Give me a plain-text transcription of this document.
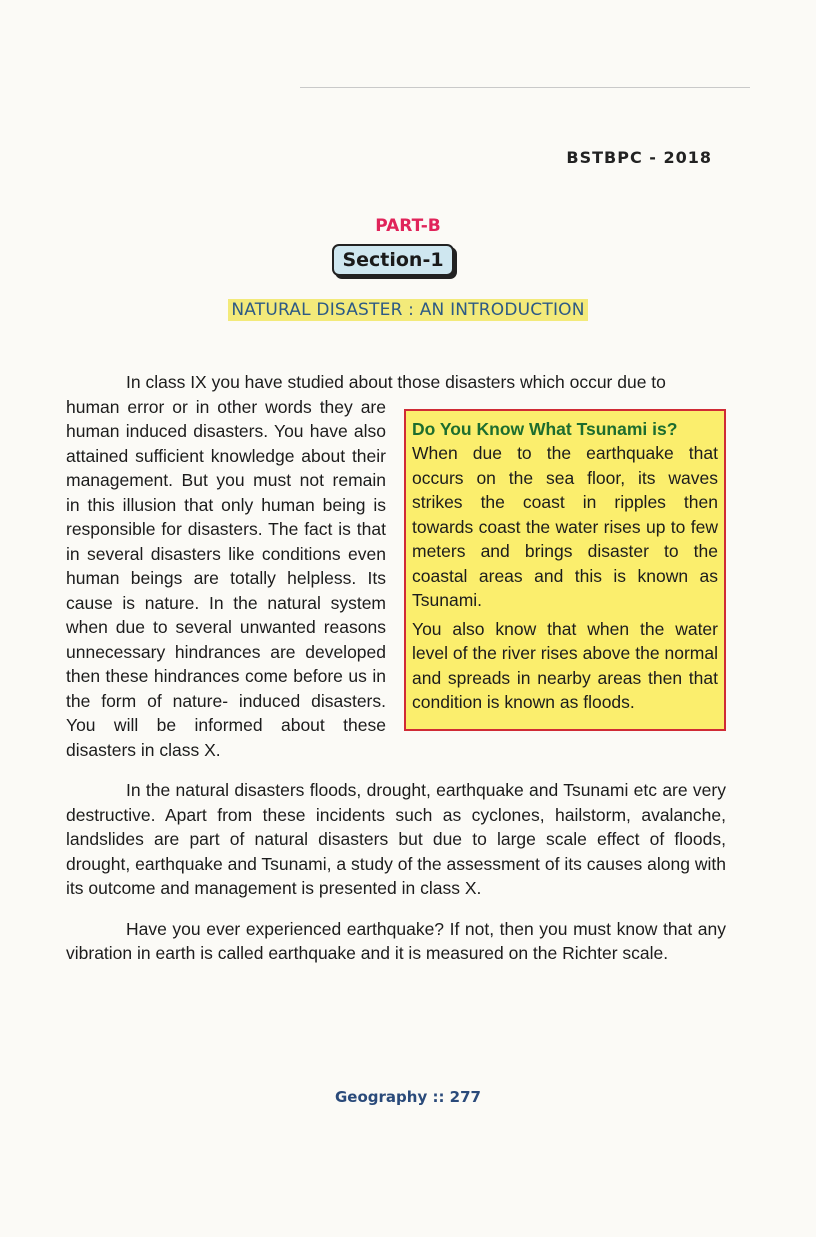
BSTBPC - 2018
PART-B
Section-1
NATURAL DISASTER : AN INTRODUCTION

In class IX you have studied about those disasters which occur due to

Do You Know What Tsunami is?

When due to the earthquake that occurs on the sea floor, its waves strikes the coast in ripples then towards coast the water rises up to few meters and brings disaster to the coastal areas and this is known as Tsunami.

You also know that when the water level of the river rises above the normal and spreads in nearby areas then that condition is known as floods.

human error or in other words they are human induced disasters. You have also attained sufficient knowledge about their management. But you must not remain in this illusion that only human being is responsible for disasters. The fact is that in several disasters like conditions even human beings are totally helpless. Its cause is nature. In the natural system when due to several unwanted reasons unnecessary hindrances are developed then these hindrances come before us in the form of nature- induced disasters. You will be informed about these disasters in class X.

In the natural disasters floods, drought, earthquake and Tsunami etc are very destructive. Apart from these incidents such as cyclones, hailstorm, avalanche, landslides are part of natural disasters but due to large scale effect of floods, drought, earthquake and Tsunami, a study of the assessment of its causes along with its outcome and management is presented in class X.

Have you ever experienced earthquake? If not, then you must know that any vibration in earth is called earthquake and it is measured on the Richter scale.

Geography :: 277
